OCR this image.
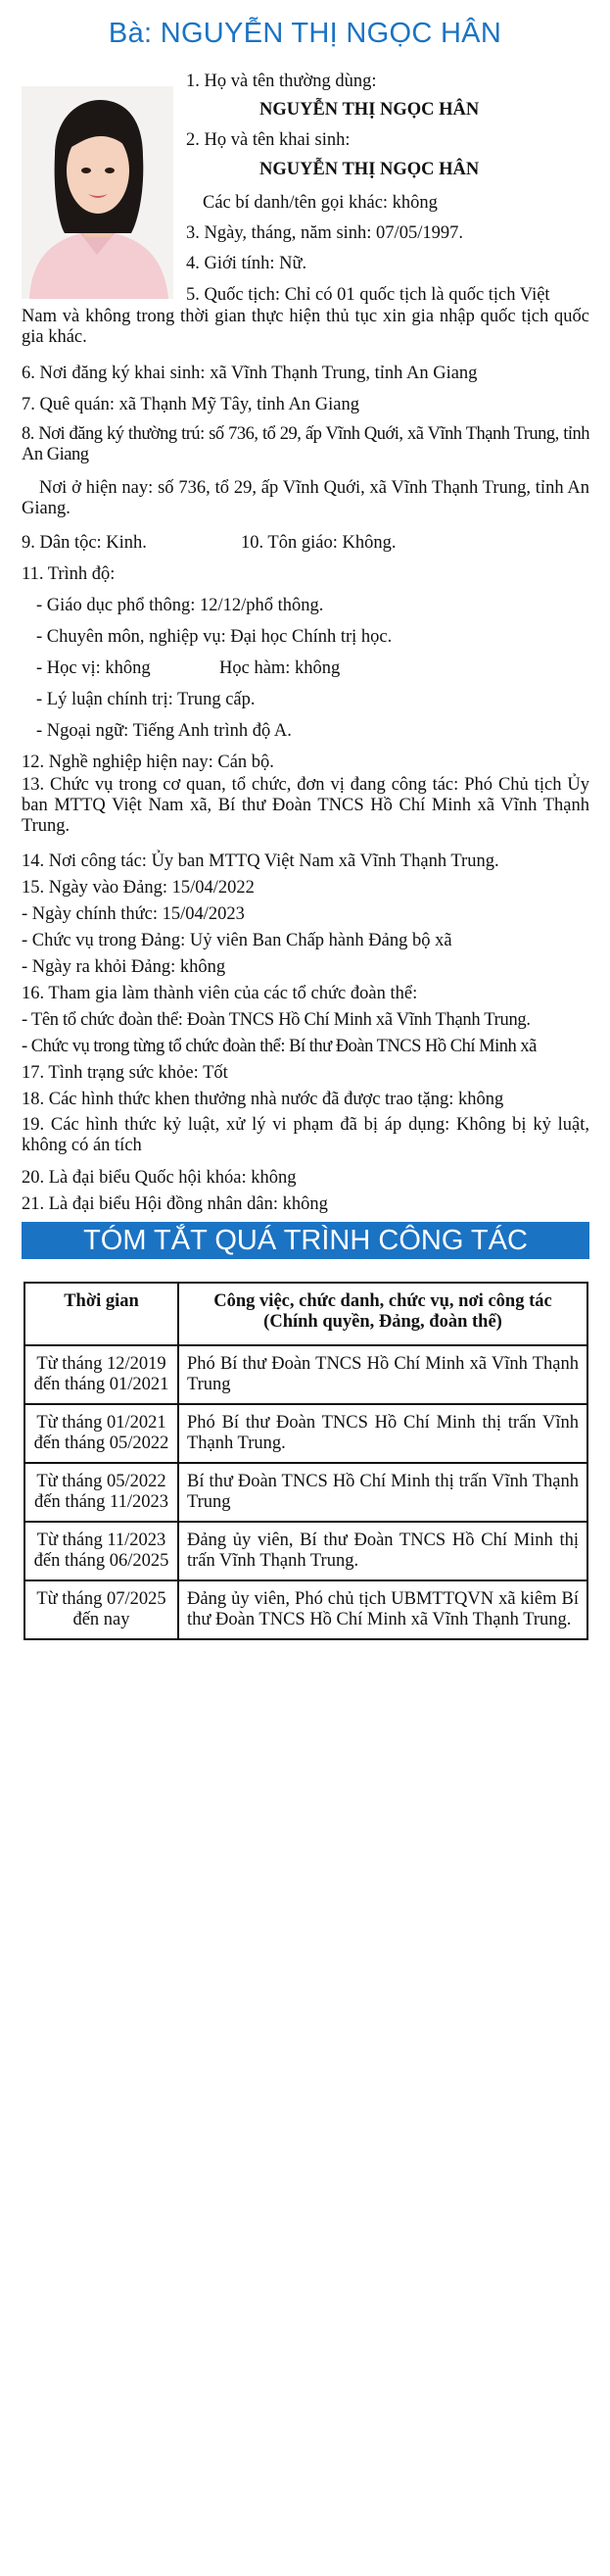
Bà: NGUYỄN THỊ NGỌC HÂN
1. Họ và tên thường dùng:
NGUYỄN THỊ NGỌC HÂN
2. Họ và tên khai sinh:
NGUYỄN THỊ NGỌC HÂN
Các bí danh/tên gọi khác: không
3. Ngày, tháng, năm sinh: 07/05/1997.
4. Giới tính: Nữ.
5. Quốc tịch: Chỉ có 01 quốc tịch là quốc tịch Việt
Nam và không trong thời gian thực hiện thủ tục xin gia nhập quốc tịch quốc gia khác.
6. Nơi đăng ký khai sinh: xã Vĩnh Thạnh Trung, tỉnh An Giang
7. Quê quán: xã Thạnh Mỹ Tây, tỉnh An Giang
8. Nơi đăng ký thường trú: số 736, tổ 29, ấp Vĩnh Quới, xã Vĩnh Thạnh Trung, tỉnh An Giang
Nơi ở hiện nay: số 736, tổ 29, ấp Vĩnh Quới, xã Vĩnh Thạnh Trung, tỉnh An Giang.
9. Dân tộc: Kinh.	10. Tôn giáo: Không.
11. Trình độ:
- Giáo dục phổ thông: 12/12/phổ thông.
- Chuyên môn, nghiệp vụ: Đại học Chính trị học.
- Học vị: không	Học hàm: không
- Lý luận chính trị: Trung cấp.
- Ngoại ngữ: Tiếng Anh trình độ A.
12. Nghề nghiệp hiện nay: Cán bộ.
13. Chức vụ trong cơ quan, tổ chức, đơn vị đang công tác: Phó Chủ tịch Ủy ban MTTQ Việt Nam xã, Bí thư Đoàn TNCS Hồ Chí Minh xã Vĩnh Thạnh Trung.
14. Nơi công tác: Ủy ban MTTQ Việt Nam xã Vĩnh Thạnh Trung.
15. Ngày vào Đảng: 15/04/2022
- Ngày chính thức: 15/04/2023
- Chức vụ trong Đảng: Uỷ viên Ban Chấp hành Đảng bộ xã
- Ngày ra khỏi Đảng: không
16. Tham gia làm thành viên của các tổ chức đoàn thể:
- Tên tổ chức đoàn thể: Đoàn TNCS Hồ Chí Minh xã Vĩnh Thạnh Trung.
- Chức vụ trong từng tổ chức đoàn thể: Bí thư Đoàn TNCS Hồ Chí Minh xã
17. Tình trạng sức khỏe: Tốt
18. Các hình thức khen thưởng nhà nước đã được trao tặng: không
19. Các hình thức kỷ luật, xử lý vi phạm đã bị áp dụng: Không bị kỷ luật, không có án tích
20. Là đại biểu Quốc hội khóa: không
21. Là đại biểu Hội đồng nhân dân: không
TÓM TẮT QUÁ TRÌNH CÔNG TÁC
Thời gian	Công việc, chức danh, chức vụ, nơi công tác (Chính quyền, Đảng, đoàn thể)
Từ tháng 12/2019 đến tháng 01/2021	Phó Bí thư Đoàn TNCS Hồ Chí Minh xã Vĩnh Thạnh Trung
Từ tháng 01/2021 đến tháng 05/2022	Phó Bí thư Đoàn TNCS Hồ Chí Minh thị trấn Vĩnh Thạnh Trung.
Từ tháng 05/2022 đến tháng 11/2023	Bí thư Đoàn TNCS Hồ Chí Minh thị trấn Vĩnh Thạnh Trung
Từ tháng 11/2023 đến tháng 06/2025	Đảng ủy viên, Bí thư Đoàn TNCS Hồ Chí Minh thị trấn Vĩnh Thạnh Trung.
Từ tháng 07/2025 đến nay	Đảng ủy viên, Phó chủ tịch UBMTTQVN xã kiêm Bí thư Đoàn TNCS Hồ Chí Minh xã Vĩnh Thạnh Trung.
